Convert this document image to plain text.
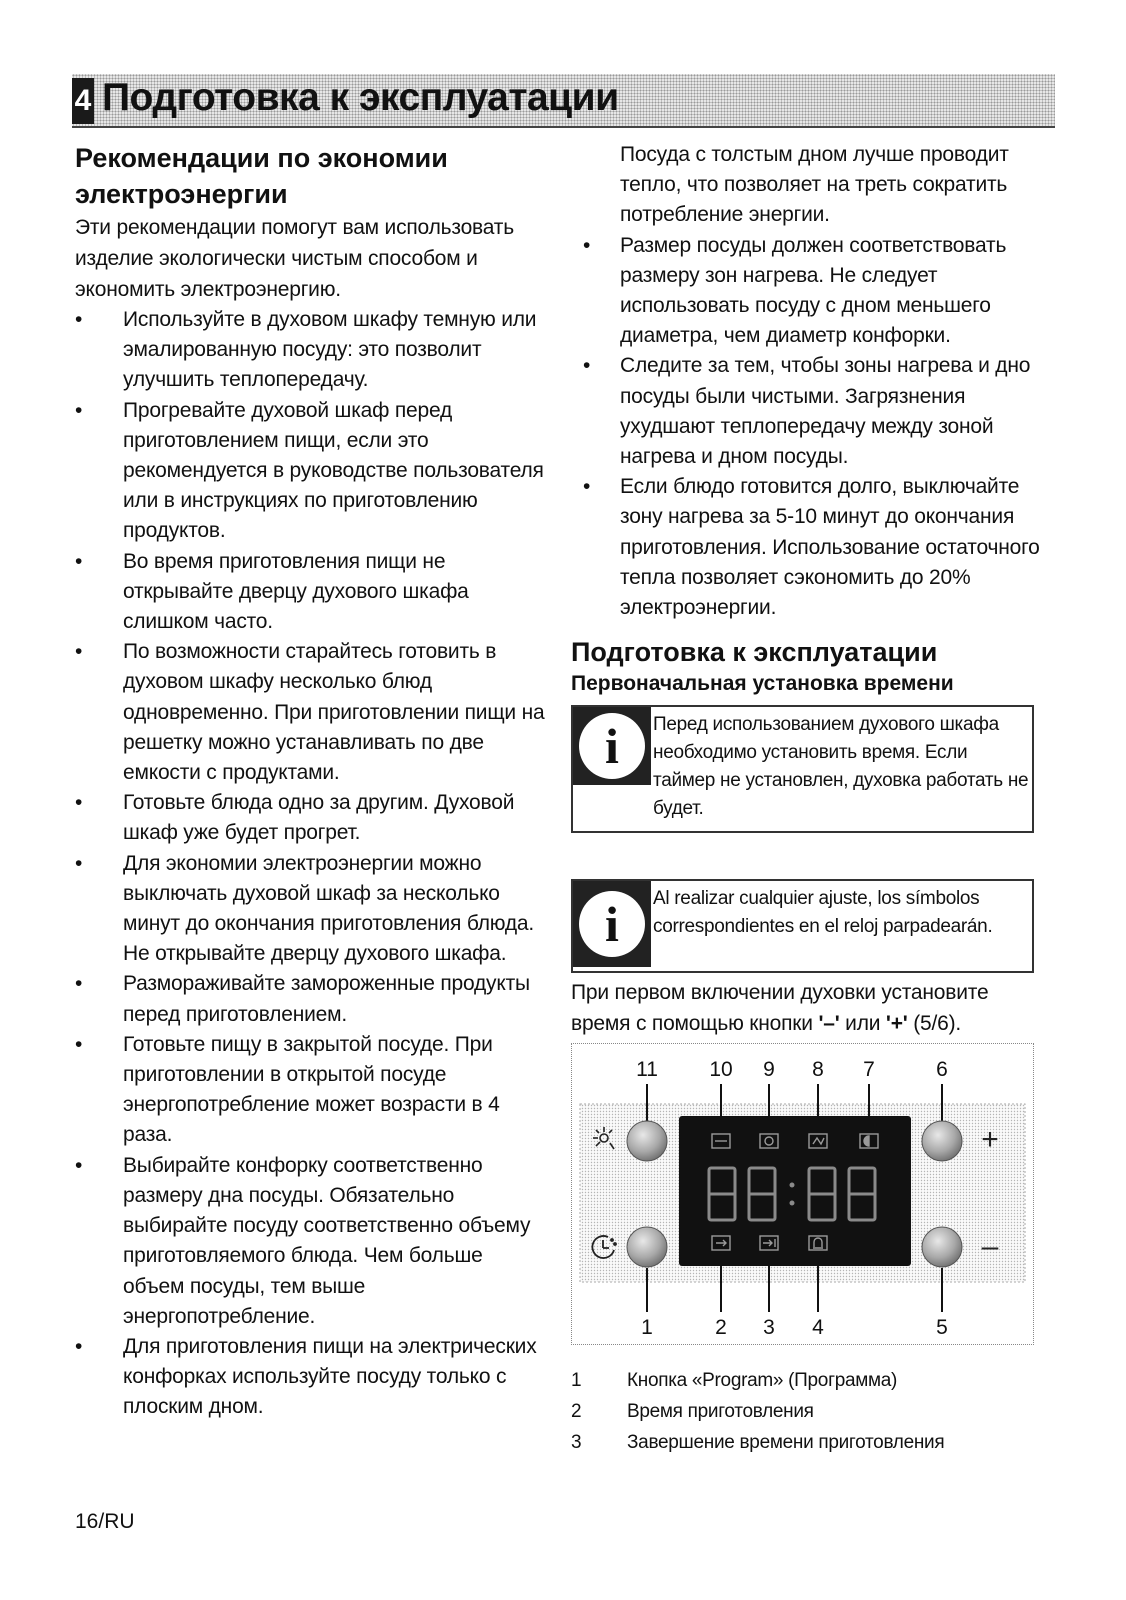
4 Подготовка к эксплуатации
Рекомендации по экономии
электроэнергии

Эти рекомендации помогут вам использовать изделие экологически чистым способом и экономить электроэнергию.

• Используйте в духовом шкафу темную или эмалированную посуду: это позволит улучшить теплопередачу.
• Прогревайте духовой шкаф перед приготовлением пищи, если это рекомендуется в руководстве пользователя или в инструкциях по приготовлению продуктов.
• Во время приготовления пищи не открывайте дверцу духового шкафа слишком часто.
• По возможности старайтесь готовить в духовом шкафу несколько блюд одновременно. При приготовлении пищи на решетку можно устанавливать по две емкости с продуктами.
• Готовьте блюда одно за другим. Духовой шкаф уже будет прогрет.
• Для экономии электроэнергии можно выключать духовой шкаф за несколько минут до окончания приготовления блюда. Не открывайте дверцу духового шкафа.
• Размораживайте замороженные продукты перед приготовлением.
• Готовьте пищу в закрытой посуде. При приготовлении в открытой посуде энергопотребление может возрасти в 4 раза.
• Выбирайте конфорку соответственно размеру дна посуды. Обязательно выбирайте посуду соответственно объему приготовляемого блюда. Чем больше объем посуды, тем выше энергопотребление.
• Для приготовления пищи на электрических конфорках используйте посуду только с плоским дном.
Посуда с толстым дном лучше проводит тепло, что позволяет на треть сократить потребление энергии.
• Размер посуды должен соответствовать размеру зон нагрева. Не следует использовать посуду с дном меньшего диаметра, чем диаметр конфорки.
• Следите за тем, чтобы зоны нагрева и дно посуды были чистыми. Загрязнения ухудшают теплопередачу между зоной нагрева и дном посуды.
• Если блюдо готовится долго, выключайте зону нагрева за 5-10 минут до окончания приготовления. Использование остаточного тепла позволяет сэкономить до 20% электроэнергии.
Подготовка к эксплуатации
Первоначальная установка времени
i	Перед использованием духового шкафа необходимо установить время. Если таймер не установлен, духовка работать не будет.
i	Al realizar cualquier ajuste, los símbolos correspondientes en el reloj parpadearán.
При первом включении духовки установите время с помощью кнопки '–' или '+' (5/6).
11 10 9 8 7	6
+
–
1	2 3 4	5
1	Кнопка «Program» (Программа)
2	Время приготовления
3	Завершение времени приготовления
16/RU
